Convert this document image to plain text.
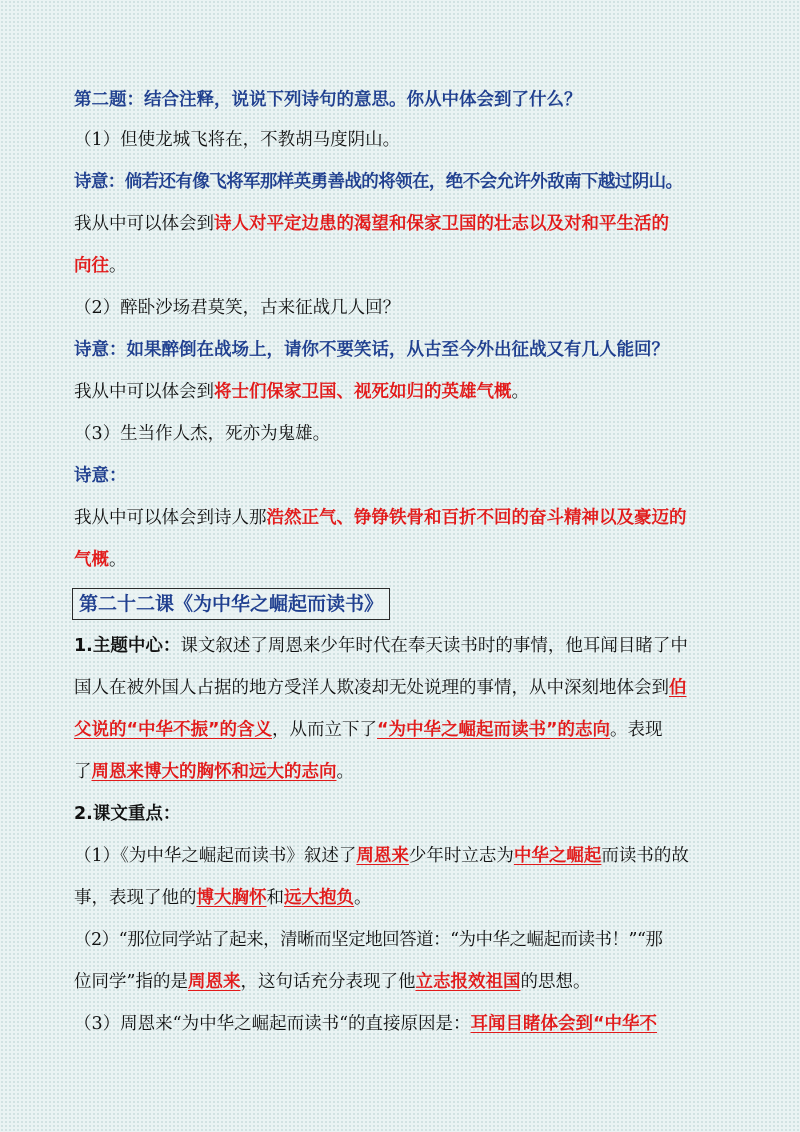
第二题：结合注释，说说下列诗句的意思。你从中体会到了什么？
（1）但使龙城飞将在，不教胡马度阴山。
诗意：倘若还有像飞将军那样英勇善战的将领在，绝不会允许外敌南下越过阴山。
我从中可以体会到诗人对平定边患的渴望和保家卫国的壮志以及对和平生活的
向往。
（2）醉卧沙场君莫笑，古来征战几人回？
诗意：如果醉倒在战场上，请你不要笑话，从古至今外出征战又有几人能回？
我从中可以体会到将士们保家卫国、视死如归的英雄气概。
（3）生当作人杰，死亦为鬼雄。
诗意：
我从中可以体会到诗人那浩然正气、铮铮铁骨和百折不回的奋斗精神以及豪迈的
气概。
第二十二课《为中华之崛起而读书》
1.主题中心：课文叙述了周恩来少年时代在奉天读书时的事情，他耳闻目睹了中
国人在被外国人占据的地方受洋人欺凌却无处说理的事情，从中深刻地体会到伯
父说的“中华不振”的含义，从而立下了“为中华之崛起而读书”的志向。表现
了周恩来博大的胸怀和远大的志向。
2.课文重点：
（1）《为中华之崛起而读书》叙述了周恩来少年时立志为中华之崛起而读书的故
事，表现了他的博大胸怀和远大抱负。
（2）“那位同学站了起来，清晰而坚定地回答道：“为中华之崛起而读书！”“那
位同学”指的是周恩来，这句话充分表现了他立志报效祖国的思想。
（3）周恩来“为中华之崛起而读书“的直接原因是：耳闻目睹体会到“中华不
